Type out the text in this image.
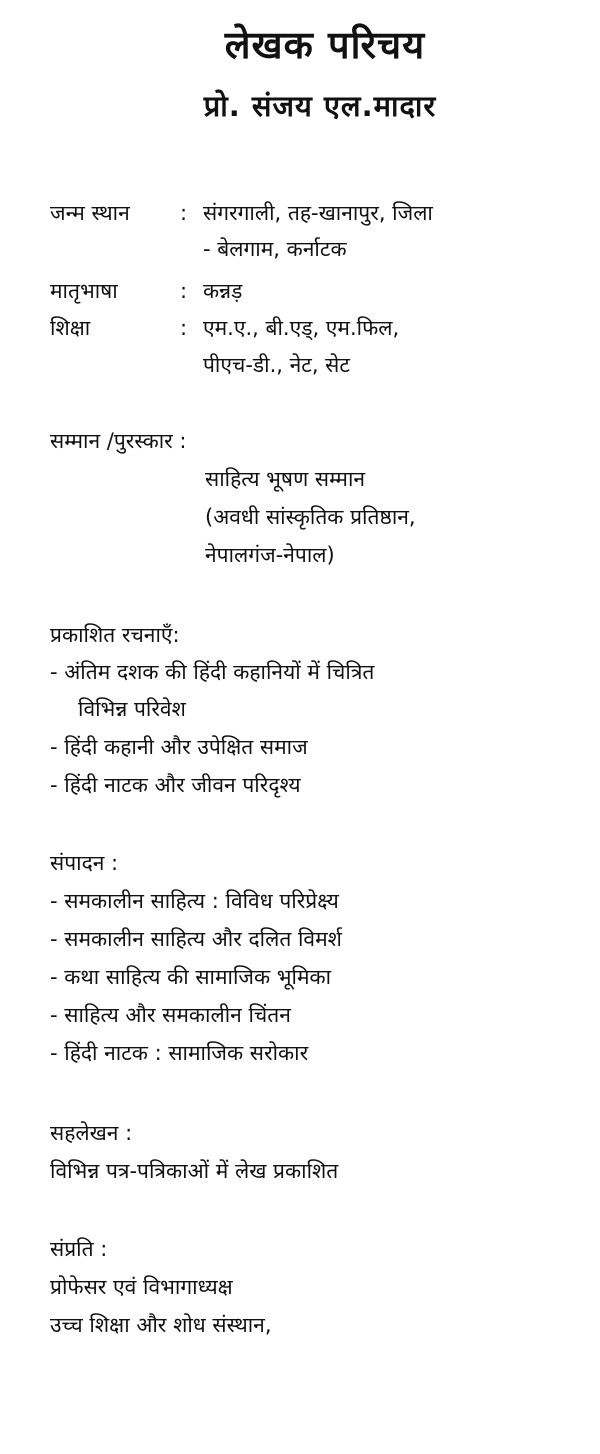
लेखक परिचय
प्रो. संजय एल.मादार

जन्म स्थान : संगरगाली, तह-खानापुर, जिला

- बेलगाम, कर्नाटक

मातृभाषा	: कन्नड़

शिक्षा	: एम.ए., बी.एड्, एम.फिल,

पीएच-डी., नेट, सेट

सम्मान /पुरस्कार :

साहित्य भूषण सम्मान

(अवधी सांस्कृतिक प्रतिष्ठान,

नेपालगंज-नेपाल)

प्रकाशित रचनाएँ:

- अंतिम दशक की हिंदी कहानियों में चित्रित

विभिन्न परिवेश

- हिंदी कहानी और उपेक्षित समाज

- हिंदी नाटक और जीवन परिदृश्य

संपादन :

- समकालीन साहित्य : विविध परिप्रेक्ष्य

- समकालीन साहित्य और दलित विमर्श

- कथा साहित्य की सामाजिक भूमिका

- साहित्य और समकालीन चिंतन

- हिंदी नाटक : सामाजिक सरोकार

सहलेखन :

विभिन्न पत्र-पत्रिकाओं में लेख प्रकाशित

संप्रति :

प्रोफेसर एवं विभागाध्यक्ष

उच्च शिक्षा और शोध संस्थान,
